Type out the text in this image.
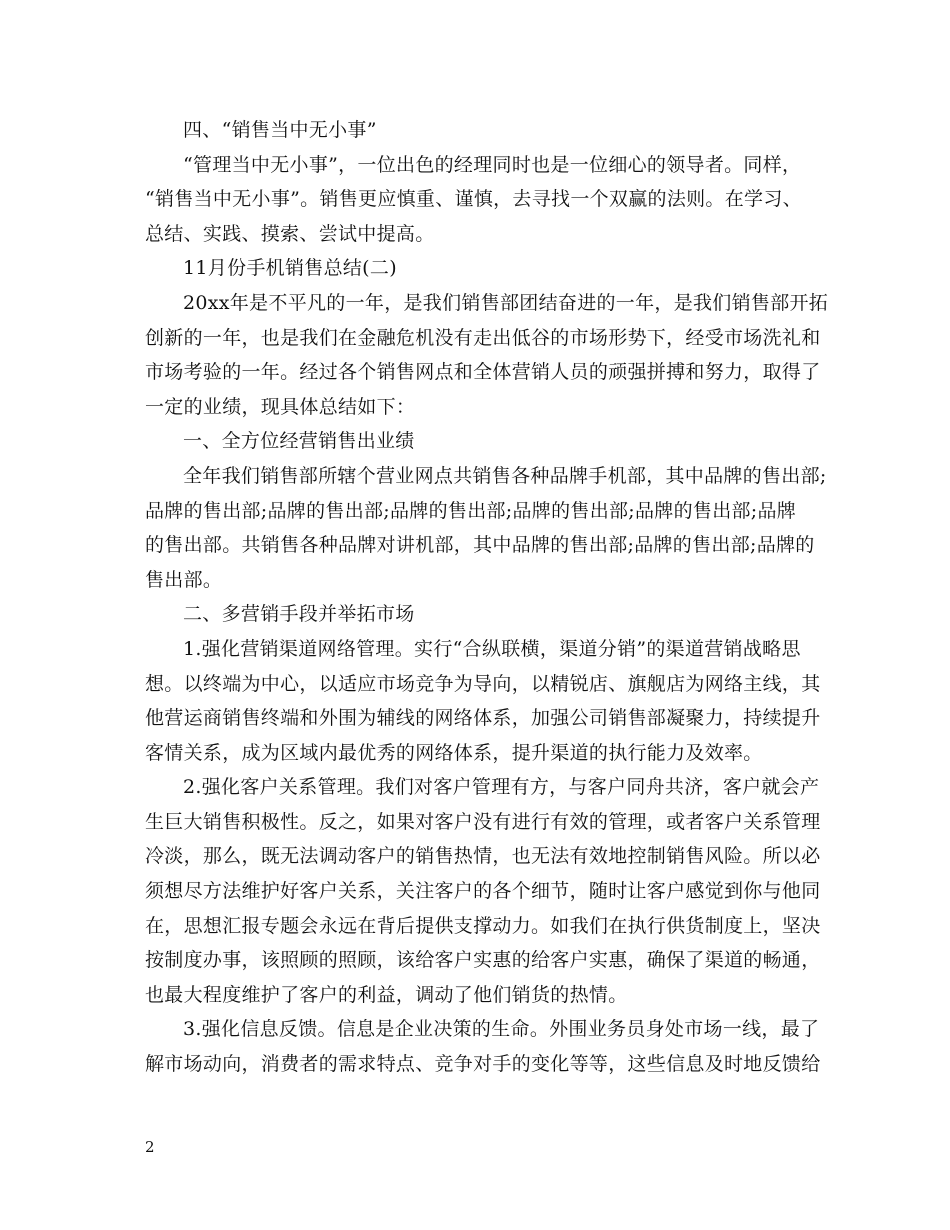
四、“销售当中无小事”
“管理当中无小事”，一位出色的经理同时也是一位细心的领导者。同样，
“销售当中无小事”。销售更应慎重、谨慎，去寻找一个双赢的法则。在学习、
总结、实践、摸索、尝试中提高。
11月份手机销售总结(二)
20xx年是不平凡的一年，是我们销售部团结奋进的一年，是我们销售部开拓
创新的一年，也是我们在金融危机没有走出低谷的市场形势下，经受市场洗礼和
市场考验的一年。经过各个销售网点和全体营销人员的顽强拼搏和努力，取得了
一定的业绩，现具体总结如下：
一、全方位经营销售出业绩
全年我们销售部所辖个营业网点共销售各种品牌手机部，其中品牌的售出部;
品牌的售出部;品牌的售出部;品牌的售出部;品牌的售出部;品牌的售出部;品牌
的售出部。共销售各种品牌对讲机部，其中品牌的售出部;品牌的售出部;品牌的
售出部。
二、多营销手段并举拓市场
1.强化营销渠道网络管理。实行“合纵联横，渠道分销”的渠道营销战略思
想。以终端为中心，以适应市场竞争为导向，以精锐店、旗舰店为网络主线，其
他营运商销售终端和外围为辅线的网络体系，加强公司销售部凝聚力，持续提升
客情关系，成为区域内最优秀的网络体系，提升渠道的执行能力及效率。
2.强化客户关系管理。我们对客户管理有方，与客户同舟共济，客户就会产
生巨大销售积极性。反之，如果对客户没有进行有效的管理，或者客户关系管理
冷淡，那么，既无法调动客户的销售热情，也无法有效地控制销售风险。所以必
须想尽方法维护好客户关系，关注客户的各个细节，随时让客户感觉到你与他同
在，思想汇报专题会永远在背后提供支撑动力。如我们在执行供货制度上，坚决
按制度办事，该照顾的照顾，该给客户实惠的给客户实惠，确保了渠道的畅通，
也最大程度维护了客户的利益，调动了他们销货的热情。
3.强化信息反馈。信息是企业决策的生命。外围业务员身处市场一线，最了
解市场动向，消费者的需求特点、竞争对手的变化等等，这些信息及时地反馈给
2
